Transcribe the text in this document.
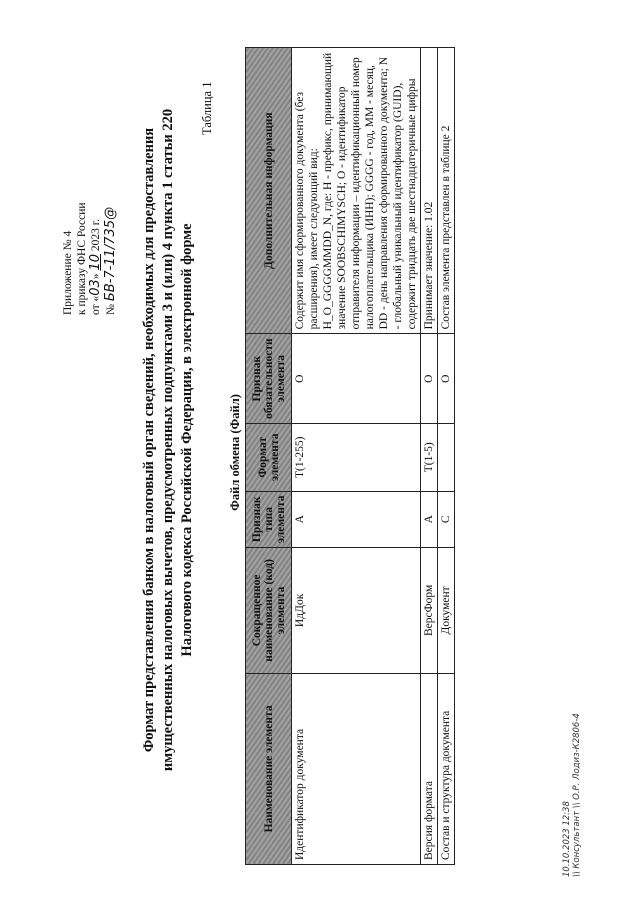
Приложение № 4 к приказу ФНС России от «03» 10 2023 г.
№ БВ-7-11/735@ Формат представления банком в налоговый орган сведений, необходимых для предоставления имущественных налоговых вычетов, предусмотренных подпунктами 3 и (или) 4 пункта 1 статьи 220 Налогового кодекса Российской Федерации, в электронной форме
Таблица 1
Файл обмена (Файл)
Наименование элемента	Сокращенное наименование (код) элемента	Признак типа элемента	Формат элемента	Признак обязательности элемента	Дополнительная информация
Идентификатор документа	ИдДок	А	T(1-255)	О	Содержит имя сформированного документа (без расширения), имеет следующий вид: H_O_GGGGMMDD_N, где: H - префикс, принимающий значение SOOBSCHIMYSCH; O - идентификатор отправителя информации – идентификационный номер налогоплательщика (ИНН); GGGG - год, MM - месяц, DD - день направления сформированного документа; N - глобальный уникальный идентификатор (GUID), содержит тридцать две шестнадцатеричные цифры
Версия формата	ВерсФорм	А	T(1-5)	О	Принимает значение: 1.02
Состав и структура документа	Документ	С		О	Состав элемента представлен в таблице 2
10.10.2023 12:38 \\ Консультант \\ О.Р. Лодиз-К2806-4
